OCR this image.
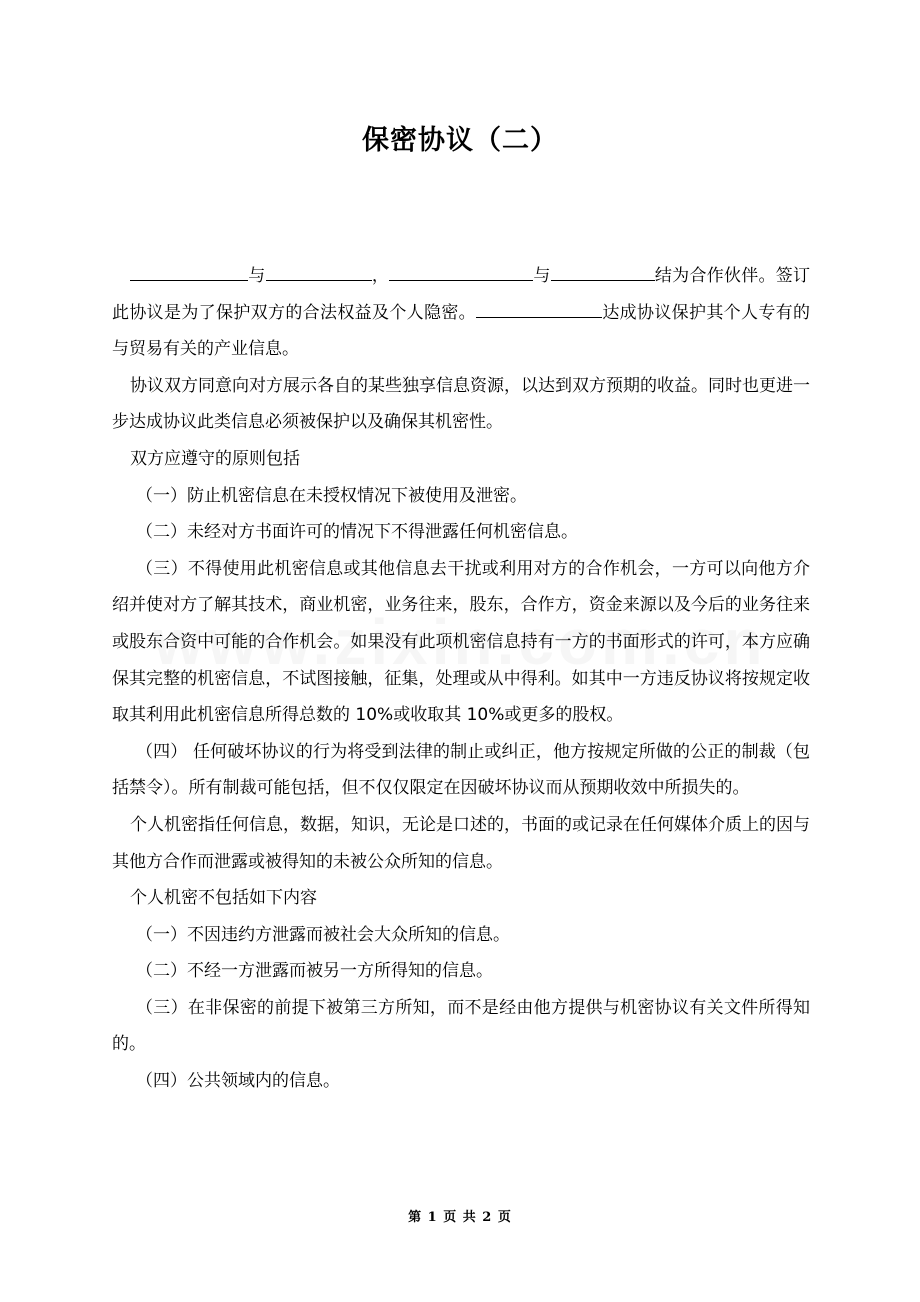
保密协议（二）

与	，	与	结为合作伙伴。签订此协议是为了保护双方的合法权益及个人隐密。	达成协议保护其个人专有的与贸易有关的产业信息。

协议双方同意向对方展示各自的某些独享信息资源，以达到双方预期的收益。同时也更进一步达成协议此类信息必须被保护以及确保其机密性。

双方应遵守的原则包括

（一）防止机密信息在未授权情况下被使用及泄密。

（二）未经对方书面许可的情况下不得泄露任何机密信息。

（三）不得使用此机密信息或其他信息去干扰或利用对方的合作机会，一方可以向他方介绍并使对方了解其技术，商业机密，业务往来，股东，合作方，资金来源以及今后的业务往来或股东合资中可能的合作机会。如果没有此项机密信息持有一方的书面形式的许可，本方应确保其完整的机密信息，不试图接触，征集，处理或从中得利。如其中一方违反协议将按规定收取其利用此机密信息所得总数的 10%或收取其 10%或更多的股权。

（四） 任何破坏协议的行为将受到法律的制止或纠正，他方按规定所做的公正的制裁（包括禁令）。所有制裁可能包括，但不仅仅限定在因破坏协议而从预期收效中所损失的。

个人机密指任何信息，数据，知识，无论是口述的，书面的或记录在任何媒体介质上的因与其他方合作而泄露或被得知的未被公众所知的信息。

个人机密不包括如下内容

（一）不因违约方泄露而被社会大众所知的信息。

（二）不经一方泄露而被另一方所得知的信息。

（三）在非保密的前提下被第三方所知，而不是经由他方提供与机密协议有关文件所得知的。

（四）公共领域内的信息。

第 1 页 共 2 页
